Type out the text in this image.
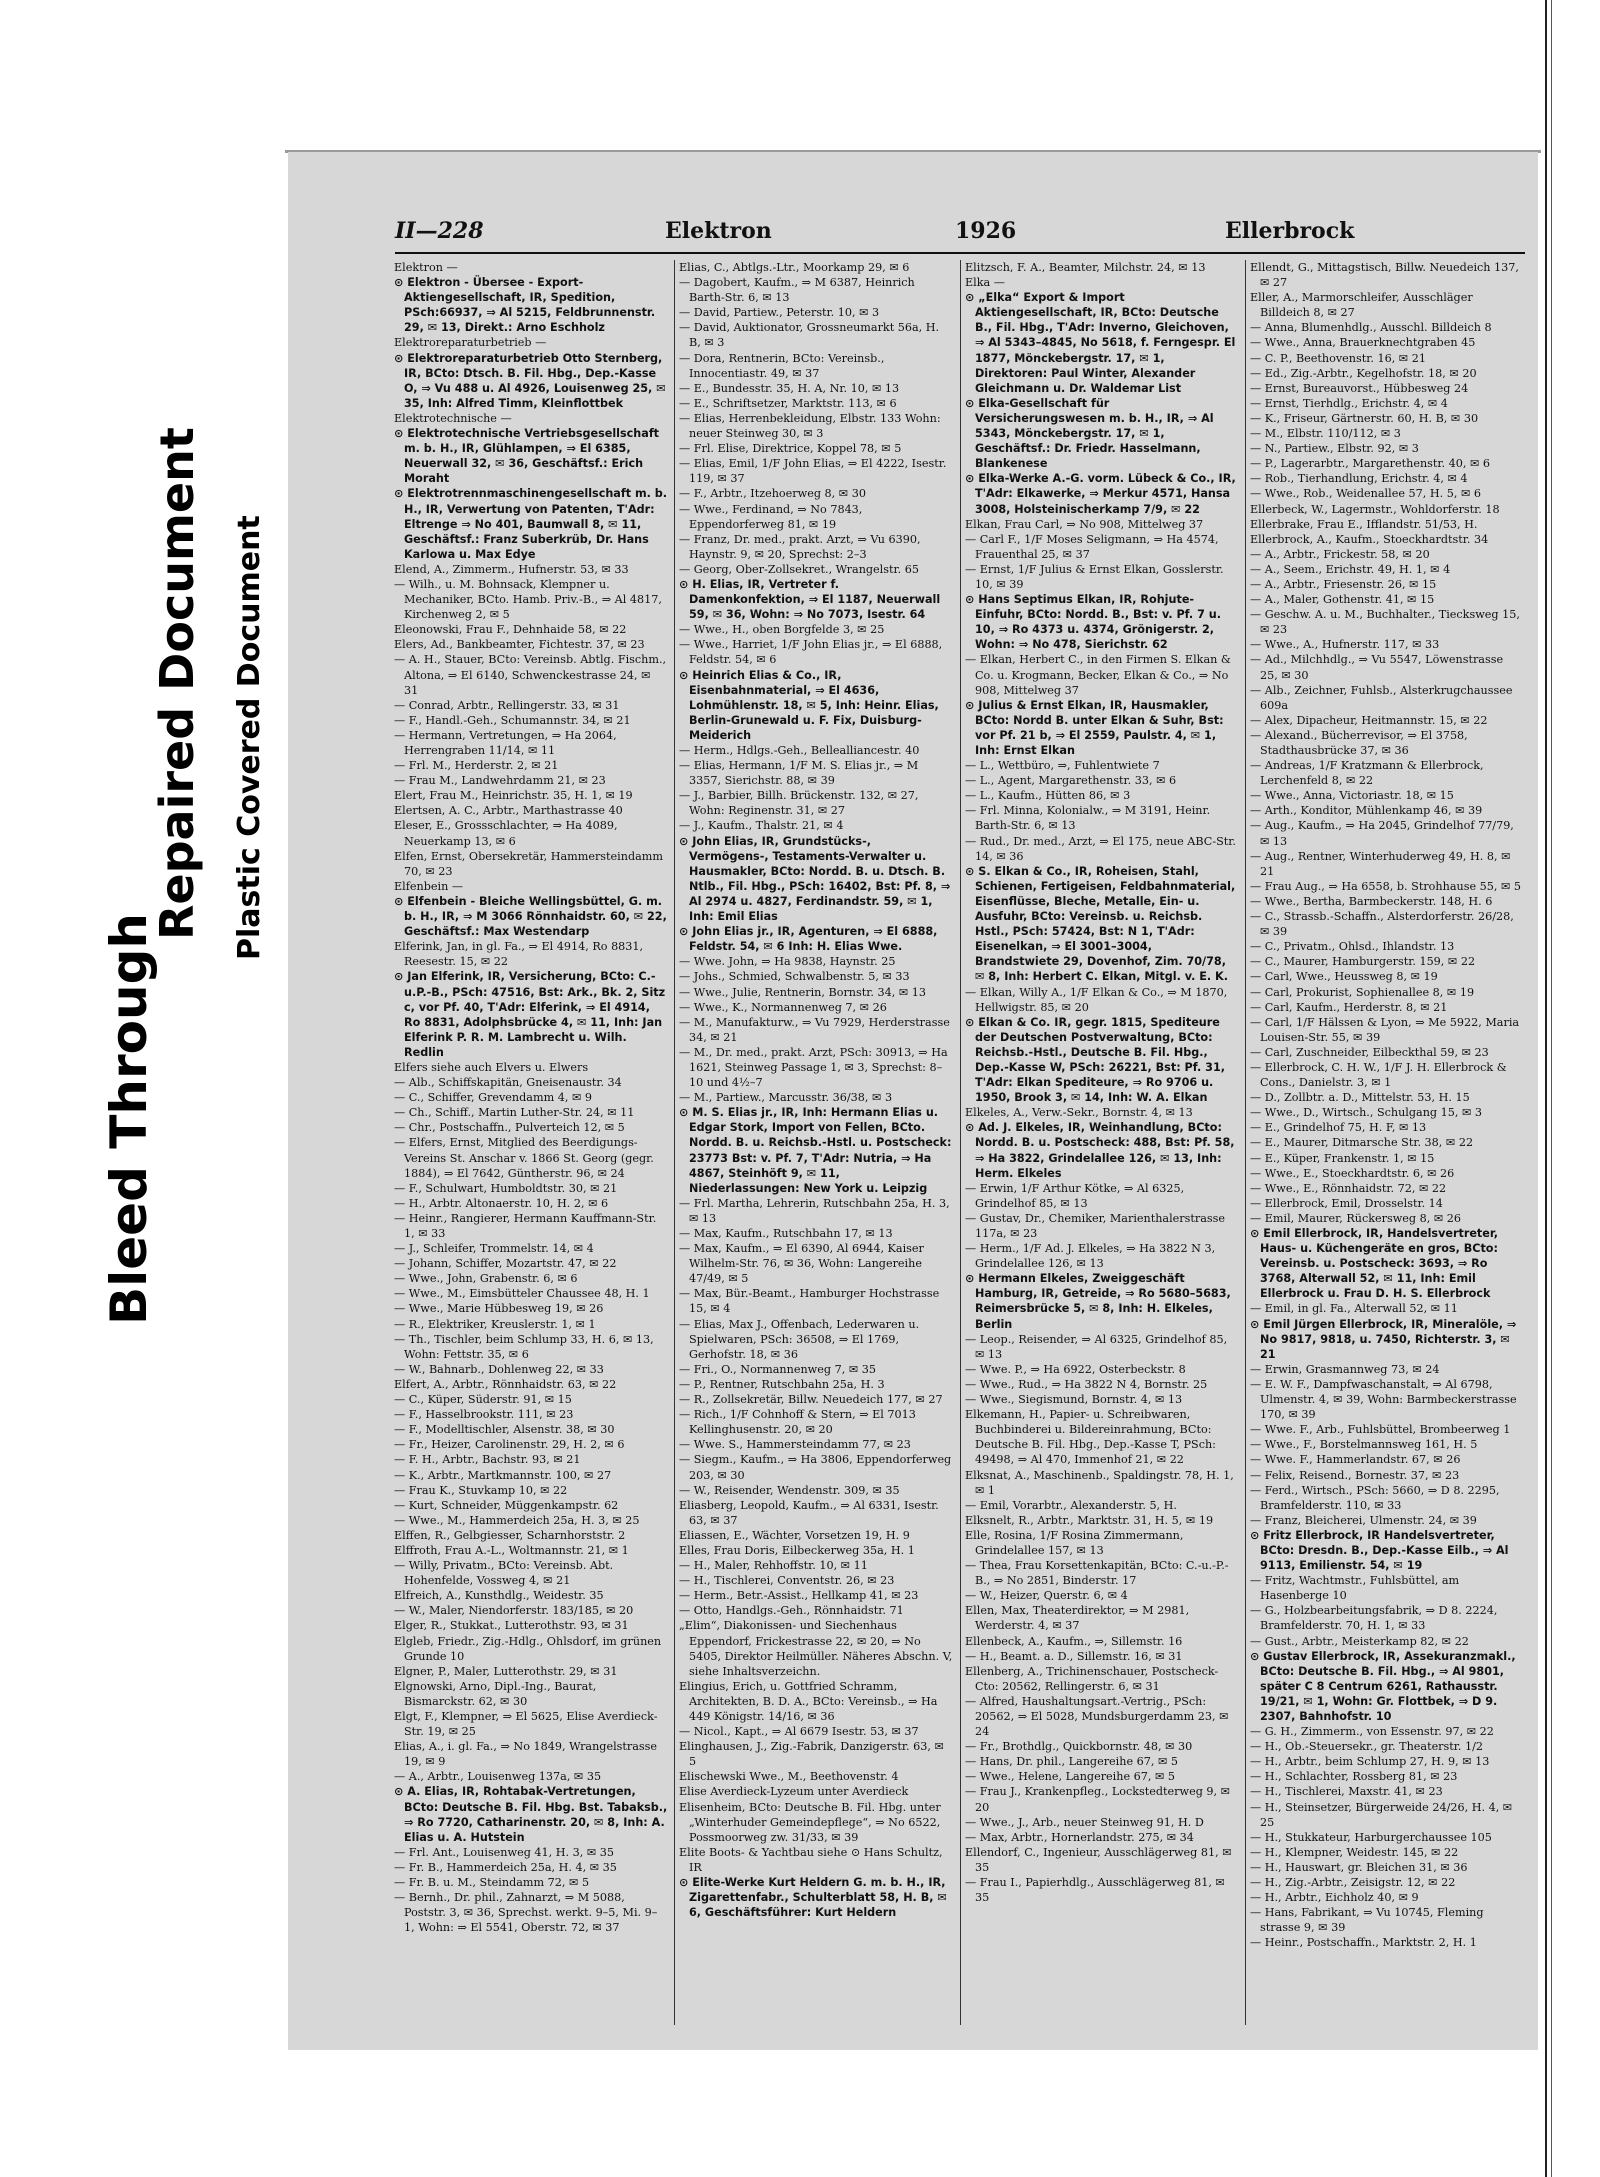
Bleed Through
Repaired Document Plastic Covered Document
II—228	Elektron	1926	Ellerbrock

Elektron —

⊙ Elektron - Übersee - Export-Aktiengesellschaft, IR, Spedition, PSch:66937, ⇒ Al 5215, Feldbrunnenstr. 29, ✉ 13, Direkt.: Arno Eschholz

Elektroreparaturbetrieb —

⊙ Elektroreparaturbetrieb Otto Sternberg, IR, BCto: Dtsch. B. Fil. Hbg., Dep.-Kasse O, ⇒ Vu 488 u. Al 4926, Louisenweg 25, ✉ 35, Inh: Alfred Timm, Kleinflottbek

Elektrotechnische —

⊙ Elektrotechnische Vertriebsgesellschaft m. b. H., IR, Glühlampen, ⇒ El 6385, Neuerwall 32, ✉ 36, Geschäftsf.: Erich Moraht

⊙ Elektrotrennmaschinengesellschaft m. b. H., IR, Verwertung von Patenten, T'Adr: Eltrenge ⇒ No 401, Baumwall 8, ✉ 11, Geschäftsf.: Franz Suberkrüb, Dr. Hans Karlowa u. Max Edye

Elend, A., Zimmerm., Hufnerstr. 53, ✉ 33

— Wilh., u. M. Bohnsack, Klempner u. Mechaniker, BCto. Hamb. Priv.-B., ⇒ Al 4817, Kirchenweg 2, ✉ 5

Eleonowski, Frau F., Dehnhaide 58, ✉ 22

Elers, Ad., Bankbeamter, Fichtestr. 37, ✉ 23

— A. H., Stauer, BCto: Vereinsb. Abtlg. Fischm., Altona, ⇒ El 6140, Schwenckestrasse 24, ✉ 31

— Conrad, Arbtr., Rellingerstr. 33, ✉ 31

— F., Handl.-Geh., Schumannstr. 34, ✉ 21

— Hermann, Vertretungen, ⇒ Ha 2064, Herrengraben 11/14, ✉ 11

— Frl. M., Herderstr. 2, ✉ 21

— Frau M., Landwehrdamm 21, ✉ 23

Elert, Frau M., Heinrichstr. 35, H. 1, ✉ 19

Elertsen, A. C., Arbtr., Marthastrasse 40

Eleser, E., Grossschlachter, ⇒ Ha 4089, Neuerkamp 13, ✉ 6

Elfen, Ernst, Obersekretär, Hammersteindamm 70, ✉ 23

Elfenbein —

⊙ Elfenbein - Bleiche Wellingsbüttel, G. m. b. H., IR, ⇒ M 3066 Rönnhaidstr. 60, ✉ 22, Geschäftsf.: Max Westendarp

Elferink, Jan, in gl. Fa., ⇒ El 4914, Ro 8831, Reesestr. 15, ✉ 22

⊙ Jan Elferink, IR, Versicherung, BCto: C.-u.P.-B., PSch: 47516, Bst: Ark., Bk. 2, Sitz c, vor Pf. 40, T'Adr: Elferink, ⇒ El 4914, Ro 8831, Adolphsbrücke 4, ✉ 11, Inh: Jan Elferink P. R. M. Lambrecht u. Wilh. Redlin

Elfers siehe auch Elvers u. Elwers

— Alb., Schiffskapitän, Gneisenaustr. 34

— C., Schiffer, Grevendamm 4, ✉ 9

— Ch., Schiff., Martin Luther-Str. 24, ✉ 11

— Chr., Postschaffn., Pulverteich 12, ✉ 5

— Elfers, Ernst, Mitglied des Beerdigungs-Vereins St. Anschar v. 1866 St. Georg (gegr. 1884), ⇒ El 7642, Güntherstr. 96, ✉ 24

— F., Schulwart, Humboldtstr. 30, ✉ 21

— H., Arbtr. Altonaerstr. 10, H. 2, ✉ 6

— Heinr., Rangierer, Hermann Kauffmann-Str. 1, ✉ 33

— J., Schleifer, Trommelstr. 14, ✉ 4

— Johann, Schiffer, Mozartstr. 47, ✉ 22

— Wwe., John, Grabenstr. 6, ✉ 6

— Wwe., M., Eimsbütteler Chaussee 48, H. 1

— Wwe., Marie Hübbesweg 19, ✉ 26

— R., Elektriker, Kreuslerstr. 1, ✉ 1

— Th., Tischler, beim Schlump 33, H. 6, ✉ 13, Wohn: Fettstr. 35, ✉ 6

— W., Bahnarb., Dohlenweg 22, ✉ 33

Elfert, A., Arbtr., Rönnhaidstr. 63, ✉ 22

— C., Küper, Süderstr. 91, ✉ 15

— F., Hasselbrookstr. 111, ✉ 23

— F., Modelltischler, Alsenstr. 38, ✉ 30

— Fr., Heizer, Carolinenstr. 29, H. 2, ✉ 6

— F. H., Arbtr., Bachstr. 93, ✉ 21

— K., Arbtr., Martkmannstr. 100, ✉ 27

— Frau K., Stuvkamp 10, ✉ 22

— Kurt, Schneider, Müggenkampstr. 62

— Wwe., M., Hammerdeich 25a, H. 3, ✉ 25

Elffen, R., Gelbgiesser, Scharnhorststr. 2

Elffroth, Frau A.-L., Woltmannstr. 21, ✉ 1

— Willy, Privatm., BCto: Vereinsb. Abt. Hohenfelde, Vossweg 4, ✉ 21

Elfreich, A., Kunsthdlg., Weidestr. 35

— W., Maler, Niendorferstr. 183/185, ✉ 20

Elger, R., Stukkat., Lutterothstr. 93, ✉ 31

Elgleb, Friedr., Zig.-Hdlg., Ohlsdorf, im grünen Grunde 10

Elgner, P., Maler, Lutterothstr. 29, ✉ 31

Elgnowski, Arno, Dipl.-Ing., Baurat, Bismarckstr. 62, ✉ 30

Elgt, F., Klempner, ⇒ El 5625, Elise Averdieck-Str. 19, ✉ 25

Elias, A., i. gl. Fa., ⇒ No 1849, Wrangelstrasse 19, ✉ 9

— A., Arbtr., Louisenweg 137a, ✉ 35

⊙ A. Elias, IR, Rohtabak-Vertretungen, BCto: Deutsche B. Fil. Hbg. Bst. Tabaksb., ⇒ Ro 7720, Catharinenstr. 20, ✉ 8, Inh: A. Elias u. A. Hutstein

— Frl. Ant., Louisenweg 41, H. 3, ✉ 35

— Fr. B., Hammerdeich 25a, H. 4, ✉ 35

— Fr. B. u. M., Steindamm 72, ✉ 5

— Bernh., Dr. phil., Zahnarzt, ⇒ M 5088, Poststr. 3, ✉ 36, Sprechst. werkt. 9–5, Mi. 9–1, Wohn: ⇒ El 5541, Oberstr. 72, ✉ 37

Elias, C., Abtlgs.-Ltr., Moorkamp 29, ✉ 6

— Dagobert, Kaufm., ⇒ M 6387, Heinrich Barth-Str. 6, ✉ 13

— David, Partiew., Peterstr. 10, ✉ 3

— David, Auktionator, Grossneumarkt 56a, H. B, ✉ 3

— Dora, Rentnerin, BCto: Vereinsb., Innocentiastr. 49, ✉ 37

— E., Bundesstr. 35, H. A, Nr. 10, ✉ 13

— E., Schriftsetzer, Marktstr. 113, ✉ 6

— Elias, Herrenbekleidung, Elbstr. 133 Wohn: neuer Steinweg 30, ✉ 3

— Frl. Elise, Direktrice, Koppel 78, ✉ 5

— Elias, Emil, 1/F John Elias, ⇒ El 4222, Isestr. 119, ✉ 37

— F., Arbtr., Itzehoerweg 8, ✉ 30

— Wwe., Ferdinand, ⇒ No 7843, Eppendorferweg 81, ✉ 19

— Franz, Dr. med., prakt. Arzt, ⇒ Vu 6390, Haynstr. 9, ✉ 20, Sprechst: 2–3

— Georg, Ober-Zollsekret., Wrangelstr. 65

⊙ H. Elias, IR, Vertreter f. Damenkonfektion, ⇒ El 1187, Neuerwall 59, ✉ 36, Wohn: ⇒ No 7073, Isestr. 64

— Wwe., H., oben Borgfelde 3, ✉ 25

— Wwe., Harriet, 1/F John Elias jr., ⇒ El 6888, Feldstr. 54, ✉ 6

⊙ Heinrich Elias & Co., IR, Eisenbahnmaterial, ⇒ El 4636, Lohmühlenstr. 18, ✉ 5, Inh: Heinr. Elias, Berlin-Grunewald u. F. Fix, Duisburg-Meiderich

— Herm., Hdlgs.-Geh., Bellealliancestr. 40

— Elias, Hermann, 1/F M. S. Elias jr., ⇒ M 3357, Sierichstr. 88, ✉ 39

— J., Barbier, Billh. Brückenstr. 132, ✉ 27, Wohn: Reginenstr. 31, ✉ 27

— J., Kaufm., Thalstr. 21, ✉ 4

⊙ John Elias, IR, Grundstücks-, Vermögens-, Testaments-Verwalter u. Hausmakler, BCto: Nordd. B. u. Dtsch. B. Ntlb., Fil. Hbg., PSch: 16402, Bst: Pf. 8, ⇒ Al 2974 u. 4827, Ferdinandstr. 59, ✉ 1, Inh: Emil Elias

⊙ John Elias jr., IR, Agenturen, ⇒ El 6888, Feldstr. 54, ✉ 6 Inh: H. Elias Wwe.

— Wwe. John, ⇒ Ha 9838, Haynstr. 25

— Johs., Schmied, Schwalbenstr. 5, ✉ 33

— Wwe., Julie, Rentnerin, Bornstr. 34, ✉ 13

— Wwe., K., Normannenweg 7, ✉ 26

— M., Manufakturw., ⇒ Vu 7929, Herderstrasse 34, ✉ 21

— M., Dr. med., prakt. Arzt, PSch: 30913, ⇒ Ha 1621, Steinweg Passage 1, ✉ 3, Sprechst: 8–10 und 4½–7

— M., Partiew., Marcusstr. 36/38, ✉ 3

⊙ M. S. Elias jr., IR, Inh: Hermann Elias u. Edgar Stork, Import von Fellen, BCto. Nordd. B. u. Reichsb.-Hstl. u. Postscheck: 23773 Bst: v. Pf. 7, T'Adr: Nutria, ⇒ Ha 4867, Steinhöft 9, ✉ 11, Niederlassungen: New York u. Leipzig

— Frl. Martha, Lehrerin, Rutschbahn 25a, H. 3, ✉ 13

— Max, Kaufm., Rutschbahn 17, ✉ 13

— Max, Kaufm., ⇒ El 6390, Al 6944, Kaiser Wilhelm-Str. 76, ✉ 36, Wohn: Langereihe 47/49, ✉ 5

— Max, Bür.-Beamt., Hamburger Hochstrasse 15, ✉ 4

— Elias, Max J., Offenbach, Lederwaren u. Spielwaren, PSch: 36508, ⇒ El 1769, Gerhofstr. 18, ✉ 36

— Fri., O., Normannenweg 7, ✉ 35

— P., Rentner, Rutschbahn 25a, H. 3

— R., Zollsekretär, Billw. Neuedeich 177, ✉ 27

— Rich., 1/F Cohnhoff & Stern, ⇒ El 7013 Kellinghusenstr. 20, ✉ 20

— Wwe. S., Hammersteindamm 77, ✉ 23

— Siegm., Kaufm., ⇒ Ha 3806, Eppendorferweg 203, ✉ 30

— W., Reisender, Wendenstr. 309, ✉ 35

Eliasberg, Leopold, Kaufm., ⇒ Al 6331, Isestr. 63, ✉ 37

Eliassen, E., Wächter, Vorsetzen 19, H. 9

Elles, Frau Doris, Eilbeckerweg 35a, H. 1

— H., Maler, Rehhoffstr. 10, ✉ 11

— H., Tischlerei, Conventstr. 26, ✉ 23

— Herm., Betr.-Assist., Hellkamp 41, ✉ 23

— Otto, Handlgs.-Geh., Rönnhaidstr. 71

„Elim“, Diakonissen- und Siechenhaus Eppendorf, Frickestrasse 22, ✉ 20, ⇒ No 5405, Direktor Heilmüller. Näheres Abschn. V, siehe Inhaltsverzeichn.

Elingius, Erich, u. Gottfried Schramm, Architekten, B. D. A., BCto: Vereinsb., ⇒ Ha 449 Königstr. 14/16, ✉ 36

— Nicol., Kapt., ⇒ Al 6679 Isestr. 53, ✉ 37

Elinghausen, J., Zig.-Fabrik, Danzigerstr. 63, ✉ 5

Elischewski Wwe., M., Beethovenstr. 4

Elise Averdieck-Lyzeum unter Averdieck

Elisenheim, BCto: Deutsche B. Fil. Hbg. unter „Winterhuder Gemeindepflege“, ⇒ No 6522, Possmoorweg zw. 31/33, ✉ 39

Elite Boots- & Yachtbau siehe ⊙ Hans Schultz, IR

⊙ Elite-Werke Kurt Heldern G. m. b. H., IR, Zigarettenfabr., Schulterblatt 58, H. B, ✉ 6, Geschäftsführer: Kurt Heldern

Elitzsch, F. A., Beamter, Milchstr. 24, ✉ 13

Elka —

⊙ „Elka“ Export & Import Aktiengesellschaft, IR, BCto: Deutsche B., Fil. Hbg., T'Adr: Inverno, Gleichoven, ⇒ Al 5343–4845, No 5618, f. Ferngespr. El 1877, Mönckebergstr. 17, ✉ 1, Direktoren: Paul Winter, Alexander Gleichmann u. Dr. Waldemar List

⊙ Elka-Gesellschaft für Versicherungswesen m. b. H., IR, ⇒ Al 5343, Mönckebergstr. 17, ✉ 1, Geschäftsf.: Dr. Friedr. Hasselmann, Blankenese

⊙ Elka-Werke A.-G. vorm. Lübeck & Co., IR, T'Adr: Elkawerke, ⇒ Merkur 4571, Hansa 3008, Holsteinischerkamp 7/9, ✉ 22

Elkan, Frau Carl, ⇒ No 908, Mittelweg 37

— Carl F., 1/F Moses Seligmann, ⇒ Ha 4574, Frauenthal 25, ✉ 37

— Ernst, 1/F Julius & Ernst Elkan, Gosslerstr. 10, ✉ 39

⊙ Hans Septimus Elkan, IR, Rohjute-Einfuhr, BCto: Nordd. B., Bst: v. Pf. 7 u. 10, ⇒ Ro 4373 u. 4374, Grönigerstr. 2, Wohn: ⇒ No 478, Sierichstr. 62

— Elkan, Herbert C., in den Firmen S. Elkan & Co. u. Krogmann, Becker, Elkan & Co., ⇒ No 908, Mittelweg 37

⊙ Julius & Ernst Elkan, IR, Hausmakler, BCto: Nordd B. unter Elkan & Suhr, Bst: vor Pf. 21 b, ⇒ El 2559, Paulstr. 4, ✉ 1, Inh: Ernst Elkan

— L., Wettbüro, ⇒, Fuhlentwiete 7

— L., Agent, Margarethenstr. 33, ✉ 6

— L., Kaufm., Hütten 86, ✉ 3

— Frl. Minna, Kolonialw., ⇒ M 3191, Heinr. Barth-Str. 6, ✉ 13

— Rud., Dr. med., Arzt, ⇒ El 175, neue ABC-Str. 14, ✉ 36

⊙ S. Elkan & Co., IR, Roheisen, Stahl, Schienen, Fertigeisen, Feldbahnmaterial, Eisenflüsse, Bleche, Metalle, Ein- u. Ausfuhr, BCto: Vereinsb. u. Reichsb. Hstl., PSch: 57424, Bst: N 1, T'Adr: Eisenelkan, ⇒ El 3001–3004, Brandstwiete 29, Dovenhof, Zim. 70/78, ✉ 8, Inh: Herbert C. Elkan, Mitgl. v. E. K.

— Elkan, Willy A., 1/F Elkan & Co., ⇒ M 1870, Hellwigstr. 85, ✉ 20

⊙ Elkan & Co. IR, gegr. 1815, Spediteure der Deutschen Postverwaltung, BCto: Reichsb.-Hstl., Deutsche B. Fil. Hbg., Dep.-Kasse W, PSch: 26221, Bst: Pf. 31, T'Adr: Elkan Spediteure, ⇒ Ro 9706 u. 1950, Brook 3, ✉ 14, Inh: W. A. Elkan

Elkeles, A., Verw.-Sekr., Bornstr. 4, ✉ 13

⊙ Ad. J. Elkeles, IR, Weinhandlung, BCto: Nordd. B. u. Postscheck: 488, Bst: Pf. 58, ⇒ Ha 3822, Grindelallee 126, ✉ 13, Inh: Herm. Elkeles

— Erwin, 1/F Arthur Kötke, ⇒ Al 6325, Grindelhof 85, ✉ 13

— Gustav, Dr., Chemiker, Marienthalerstrasse 117a, ✉ 23

— Herm., 1/F Ad. J. Elkeles, ⇒ Ha 3822 N 3, Grindelallee 126, ✉ 13

⊙ Hermann Elkeles, Zweiggeschäft Hamburg, IR, Getreide, ⇒ Ro 5680–5683, Reimersbrücke 5, ✉ 8, Inh: H. Elkeles, Berlin

— Leop., Reisender, ⇒ Al 6325, Grindelhof 85, ✉ 13

— Wwe. P., ⇒ Ha 6922, Osterbeckstr. 8

— Wwe., Rud., ⇒ Ha 3822 N 4, Bornstr. 25

— Wwe., Siegismund, Bornstr. 4, ✉ 13

Elkemann, H., Papier- u. Schreibwaren, Buchbinderei u. Bildereinrahmung, BCto: Deutsche B. Fil. Hbg., Dep.-Kasse T, PSch: 49498, ⇒ Al 470, Immenhof 21, ✉ 22

Elksnat, A., Maschinenb., Spaldingstr. 78, H. 1, ✉ 1

— Emil, Vorarbtr., Alexanderstr. 5, H.

Elksnelt, R., Arbtr., Marktstr. 31, H. 5, ✉ 19

Elle, Rosina, 1/F Rosina Zimmermann, Grindelallee 157, ✉ 13

— Thea, Frau Korsettenkapitän, BCto: C.-u.-P.-B., ⇒ No 2851, Binderstr. 17

— W., Heizer, Querstr. 6, ✉ 4

Ellen, Max, Theaterdirektor, ⇒ M 2981, Werderstr. 4, ✉ 37

Ellenbeck, A., Kaufm., ⇒, Sillemstr. 16

— H., Beamt. a. D., Sillemstr. 16, ✉ 31

Ellenberg, A., Trichinenschauer, Postscheck-Cto: 20562, Rellingerstr. 6, ✉ 31

— Alfred, Haushaltungsart.-Vertrig., PSch: 20562, ⇒ El 5028, Mundsburgerdamm 23, ✉ 24

— Fr., Brothdlg., Quickbornstr. 48, ✉ 30

— Hans, Dr. phil., Langereihe 67, ✉ 5

— Wwe., Helene, Langereihe 67, ✉ 5

— Frau J., Krankenpfleg., Lockstedterweg 9, ✉ 20

— Wwe., J., Arb., neuer Steinweg 91, H. D

— Max, Arbtr., Hornerlandstr. 275, ✉ 34

Ellendorf, C., Ingenieur, Ausschlägerweg 81, ✉ 35

— Frau I., Papierhdlg., Ausschlägerweg 81, ✉ 35

Ellendt, G., Mittagstisch, Billw. Neuedeich 137, ✉ 27

Eller, A., Marmorschleifer, Ausschläger Billdeich 8, ✉ 27

— Anna, Blumenhdlg., Ausschl. Billdeich 8

— Wwe., Anna, Brauerknechtgraben 45

— C. P., Beethovenstr. 16, ✉ 21

— Ed., Zig.-Arbtr., Kegelhofstr. 18, ✉ 20

— Ernst, Bureauvorst., Hübbesweg 24

— Ernst, Tierhdlg., Erichstr. 4, ✉ 4

— K., Friseur, Gärtnerstr. 60, H. B, ✉ 30

— M., Elbstr. 110/112, ✉ 3

— N., Partiew., Elbstr. 92, ✉ 3

— P., Lagerarbtr., Margarethenstr. 40, ✉ 6

— Rob., Tierhandlung, Erichstr. 4, ✉ 4

— Wwe., Rob., Weidenallee 57, H. 5, ✉ 6

Ellerbeck, W., Lagermstr., Wohldorferstr. 18

Ellerbrake, Frau E., Ifflandstr. 51/53, H.

Ellerbrock, A., Kaufm., Stoeckhardtstr. 34

— A., Arbtr., Frickestr. 58, ✉ 20

— A., Seem., Erichstr. 49, H. 1, ✉ 4

— A., Arbtr., Friesenstr. 26, ✉ 15

— A., Maler, Gothenstr. 41, ✉ 15

— Geschw. A. u. M., Buchhalter., Tiecksweg 15, ✉ 23

— Wwe., A., Hufnerstr. 117, ✉ 33

— Ad., Milchhdlg., ⇒ Vu 5547, Löwenstrasse 25, ✉ 30

— Alb., Zeichner, Fuhlsb., Alsterkrugchaussee 609a

— Alex, Dipacheur, Heitmannstr. 15, ✉ 22

— Alexand., Bücherrevisor, ⇒ El 3758, Stadthausbrücke 37, ✉ 36

— Andreas, 1/F Kratzmann & Ellerbrock, Lerchenfeld 8, ✉ 22

— Wwe., Anna, Victoriastr. 18, ✉ 15

— Arth., Konditor, Mühlenkamp 46, ✉ 39

— Aug., Kaufm., ⇒ Ha 2045, Grindelhof 77/79, ✉ 13

— Aug., Rentner, Winterhuderweg 49, H. 8, ✉ 21

— Frau Aug., ⇒ Ha 6558, b. Strohhause 55, ✉ 5

— Wwe., Bertha, Barmbeckerstr. 148, H. 6

— C., Strassb.-Schaffn., Alsterdorferstr. 26/28, ✉ 39

— C., Privatm., Ohlsd., Ihlandstr. 13

— C., Maurer, Hamburgerstr. 159, ✉ 22

— Carl, Wwe., Heussweg 8, ✉ 19

— Carl, Prokurist, Sophienallee 8, ✉ 19

— Carl, Kaufm., Herderstr. 8, ✉ 21

— Carl, 1/F Hälssen & Lyon, ⇒ Me 5922, Maria Louisen-Str. 55, ✉ 39

— Carl, Zuschneider, Eilbeckthal 59, ✉ 23

— Ellerbrock, C. H. W., 1/F J. H. Ellerbrock & Cons., Danielstr. 3, ✉ 1

— D., Zollbtr. a. D., Mittelstr. 53, H. 15

— Wwe., D., Wirtsch., Schulgang 15, ✉ 3

— E., Grindelhof 75, H. F, ✉ 13

— E., Maurer, Ditmarsche Str. 38, ✉ 22

— E., Küper, Frankenstr. 1, ✉ 15

— Wwe., E., Stoeckhardtstr. 6, ✉ 26

— Wwe., E., Rönnhaidstr. 72, ✉ 22

— Ellerbrock, Emil, Drosselstr. 14

— Emil, Maurer, Rückersweg 8, ✉ 26

⊙ Emil Ellerbrock, IR, Handelsvertreter, Haus- u. Küchengeräte en gros, BCto: Vereinsb. u. Postscheck: 3693, ⇒ Ro 3768, Alterwall 52, ✉ 11, Inh: Emil Ellerbrock u. Frau D. H. S. Ellerbrock

— Emil, in gl. Fa., Alterwall 52, ✉ 11

⊙ Emil Jürgen Ellerbrock, IR, Mineralöle, ⇒ No 9817, 9818, u. 7450, Richterstr. 3, ✉ 21

— Erwin, Grasmannweg 73, ✉ 24

— E. W. F., Dampfwaschanstalt, ⇒ Al 6798, Ulmenstr. 4, ✉ 39, Wohn: Barmbeckerstrasse 170, ✉ 39

— Wwe. F., Arb., Fuhlsbüttel, Brombeerweg 1

— Wwe., F., Borstelmannsweg 161, H. 5

— Wwe. F., Hammerlandstr. 67, ✉ 26

— Felix, Reisend., Bornestr. 37, ✉ 23

— Ferd., Wirtsch., PSch: 5660, ⇒ D 8. 2295, Bramfelderstr. 110, ✉ 33

— Franz, Bleicherei, Ulmenstr. 24, ✉ 39

⊙ Fritz Ellerbrock, IR Handelsvertreter, BCto: Dresdn. B., Dep.-Kasse Eilb., ⇒ Al 9113, Emilienstr. 54, ✉ 19

— Fritz, Wachtmstr., Fuhlsbüttel, am Hasenberge 10

— G., Holzbearbeitungsfabrik, ⇒ D 8. 2224, Bramfelderstr. 70, H. 1, ✉ 33

— Gust., Arbtr., Meisterkamp 82, ✉ 22

⊙ Gustav Ellerbrock, IR, Assekuranzmakl., BCto: Deutsche B. Fil. Hbg., ⇒ Al 9801, später C 8 Centrum 6261, Rathausstr. 19/21, ✉ 1, Wohn: Gr. Flottbek, ⇒ D 9. 2307, Bahnhofstr. 10

— G. H., Zimmerm., von Essenstr. 97, ✉ 22

— H., Ob.-Steuersekr., gr. Theaterstr. 1/2

— H., Arbtr., beim Schlump 27, H. 9, ✉ 13

— H., Schlachter, Rossberg 81, ✉ 23

— H., Tischlerei, Maxstr. 41, ✉ 23

— H., Steinsetzer, Bürgerweide 24/26, H. 4, ✉ 25

— H., Stukkateur, Harburgerchaussee 105

— H., Klempner, Weidestr. 145, ✉ 22

— H., Hauswart, gr. Bleichen 31, ✉ 36

— H., Zig.-Arbtr., Zeisigstr. 12, ✉ 22

— H., Arbtr., Eichholz 40, ✉ 9

— Hans, Fabrikant, ⇒ Vu 10745, Fleming strasse 9, ✉ 39

— Heinr., Postschaffn., Marktstr. 2, H. 1
